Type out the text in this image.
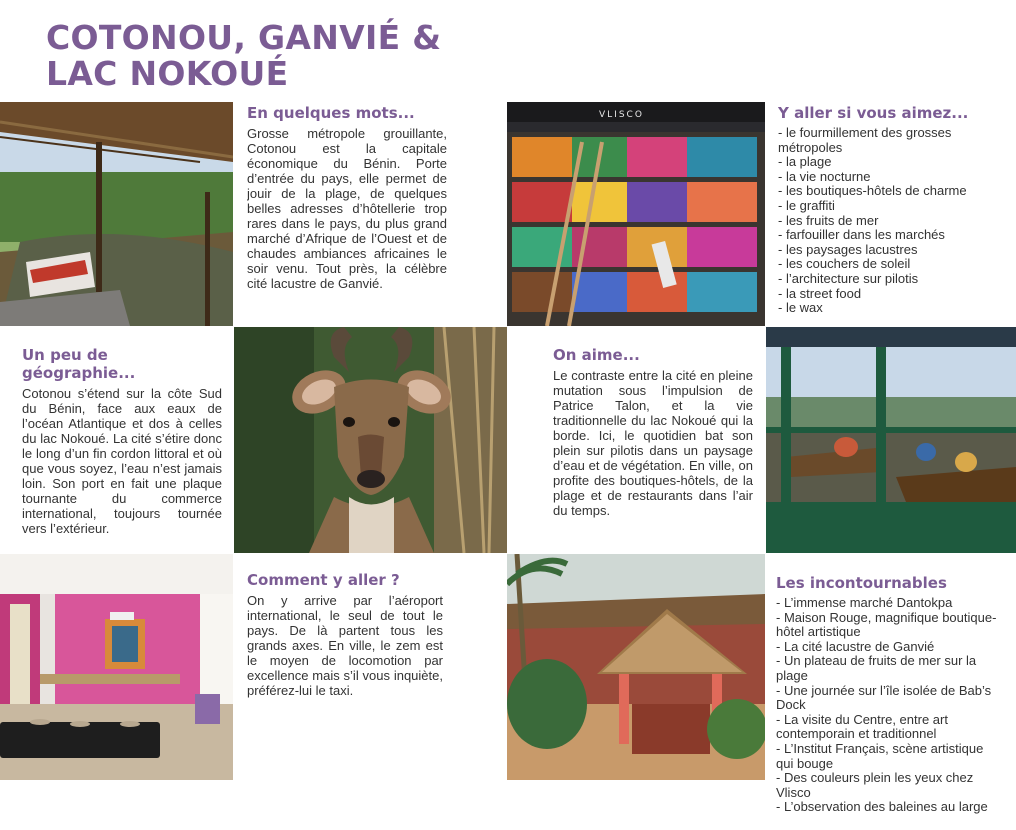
COTONOU, GANVIÉ &
LAC NOKOUÉ
En quelques mots...

Grosse métropole grouillante, Cotonou est la capitale économique du Bénin. Porte d’entrée du pays, elle permet de jouir de la plage, de quelques belles adresses d’hôtellerie trop rares dans le pays, du plus grand marché d’Afrique de l’Ouest et de chaudes ambiances africaines le soir venu. Tout près, la célèbre cité lacustre de Ganvié.

VLISCO	Y aller si vous aimez...
- le fourmillement des grosses métropoles
- la plage
- la vie nocturne
- les boutiques-hôtels de charme
- le graffiti
- les fruits de mer
- farfouiller dans les marchés
- les paysages lacustres
- les couchers de soleil
- l’architecture sur pilotis
- la street food
- le wax
Un peu de géographie...

Cotonou s’étend sur la côte Sud du Bénin, face aux eaux de l’océan Atlantique et dos à celles du lac Nokoué. La cité s’étire donc le long d’un fin cordon littoral et où que vous soyez, l’eau n’est jamais loin. Son port en fait une plaque tournante du commerce international, toujours tournée vers l’extérieur.

On aime...

Le contraste entre la cité en pleine mutation sous l’impulsion de Patrice Talon, et la vie traditionnelle du lac Nokoué qui la borde. Ici, le quotidien bat son plein sur pilotis dans un paysage d’eau et de végétation. En ville, on profite des boutiques-hôtels, de la plage et de restaurants dans l’air du temps.

Comment y aller ?

On y arrive par l’aéroport international, le seul de tout le pays. De là partent tous les grands axes. En ville, le zem est le moyen de locomotion par excellence mais s’il vous inquiète, préférez-lui le taxi.

Les incontournables
- L’immense marché Dantokpa
- Maison Rouge, magnifique boutique-hôtel artistique
- La cité lacustre de Ganvié
- Un plateau de fruits de mer sur la plage
- Une journée sur l’île isolée de Bab’s Dock
- La visite du Centre, entre art contemporain et traditionnel
- L’Institut Français, scène artistique qui bouge
- Des couleurs plein les yeux chez Vlisco
- L’observation des baleines au large
